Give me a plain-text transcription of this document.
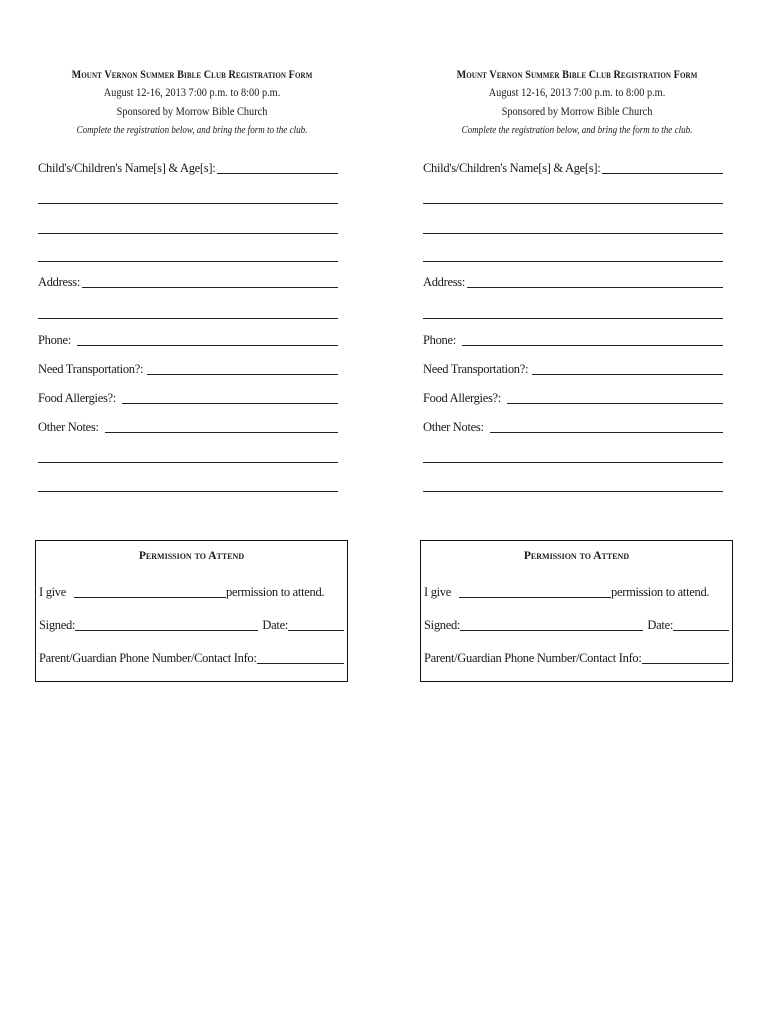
Mount Vernon Summer Bible Club Registration Form
August 12-16, 2013 7:00 p.m. to 8:00 p.m.
Sponsored by Morrow Bible Church
Complete the registration below, and bring the form to the club.
Child's/Children's Name[s] & Age[s]:
Address:
Phone:
Need Transportation?:
Food Allergies?:
Other Notes:
Permission to Attend
I give	permission to attend.
Signed:	Date:
Parent/Guardian Phone Number/Contact Info:
Mount Vernon Summer Bible Club Registration Form
August 12-16, 2013 7:00 p.m. to 8:00 p.m.
Sponsored by Morrow Bible Church
Complete the registration below, and bring the form to the club.
Child's/Children's Name[s] & Age[s]:
Address:
Phone:
Need Transportation?:
Food Allergies?:
Other Notes:
Permission to Attend
I give	permission to attend.
Signed:	Date:
Parent/Guardian Phone Number/Contact Info:
